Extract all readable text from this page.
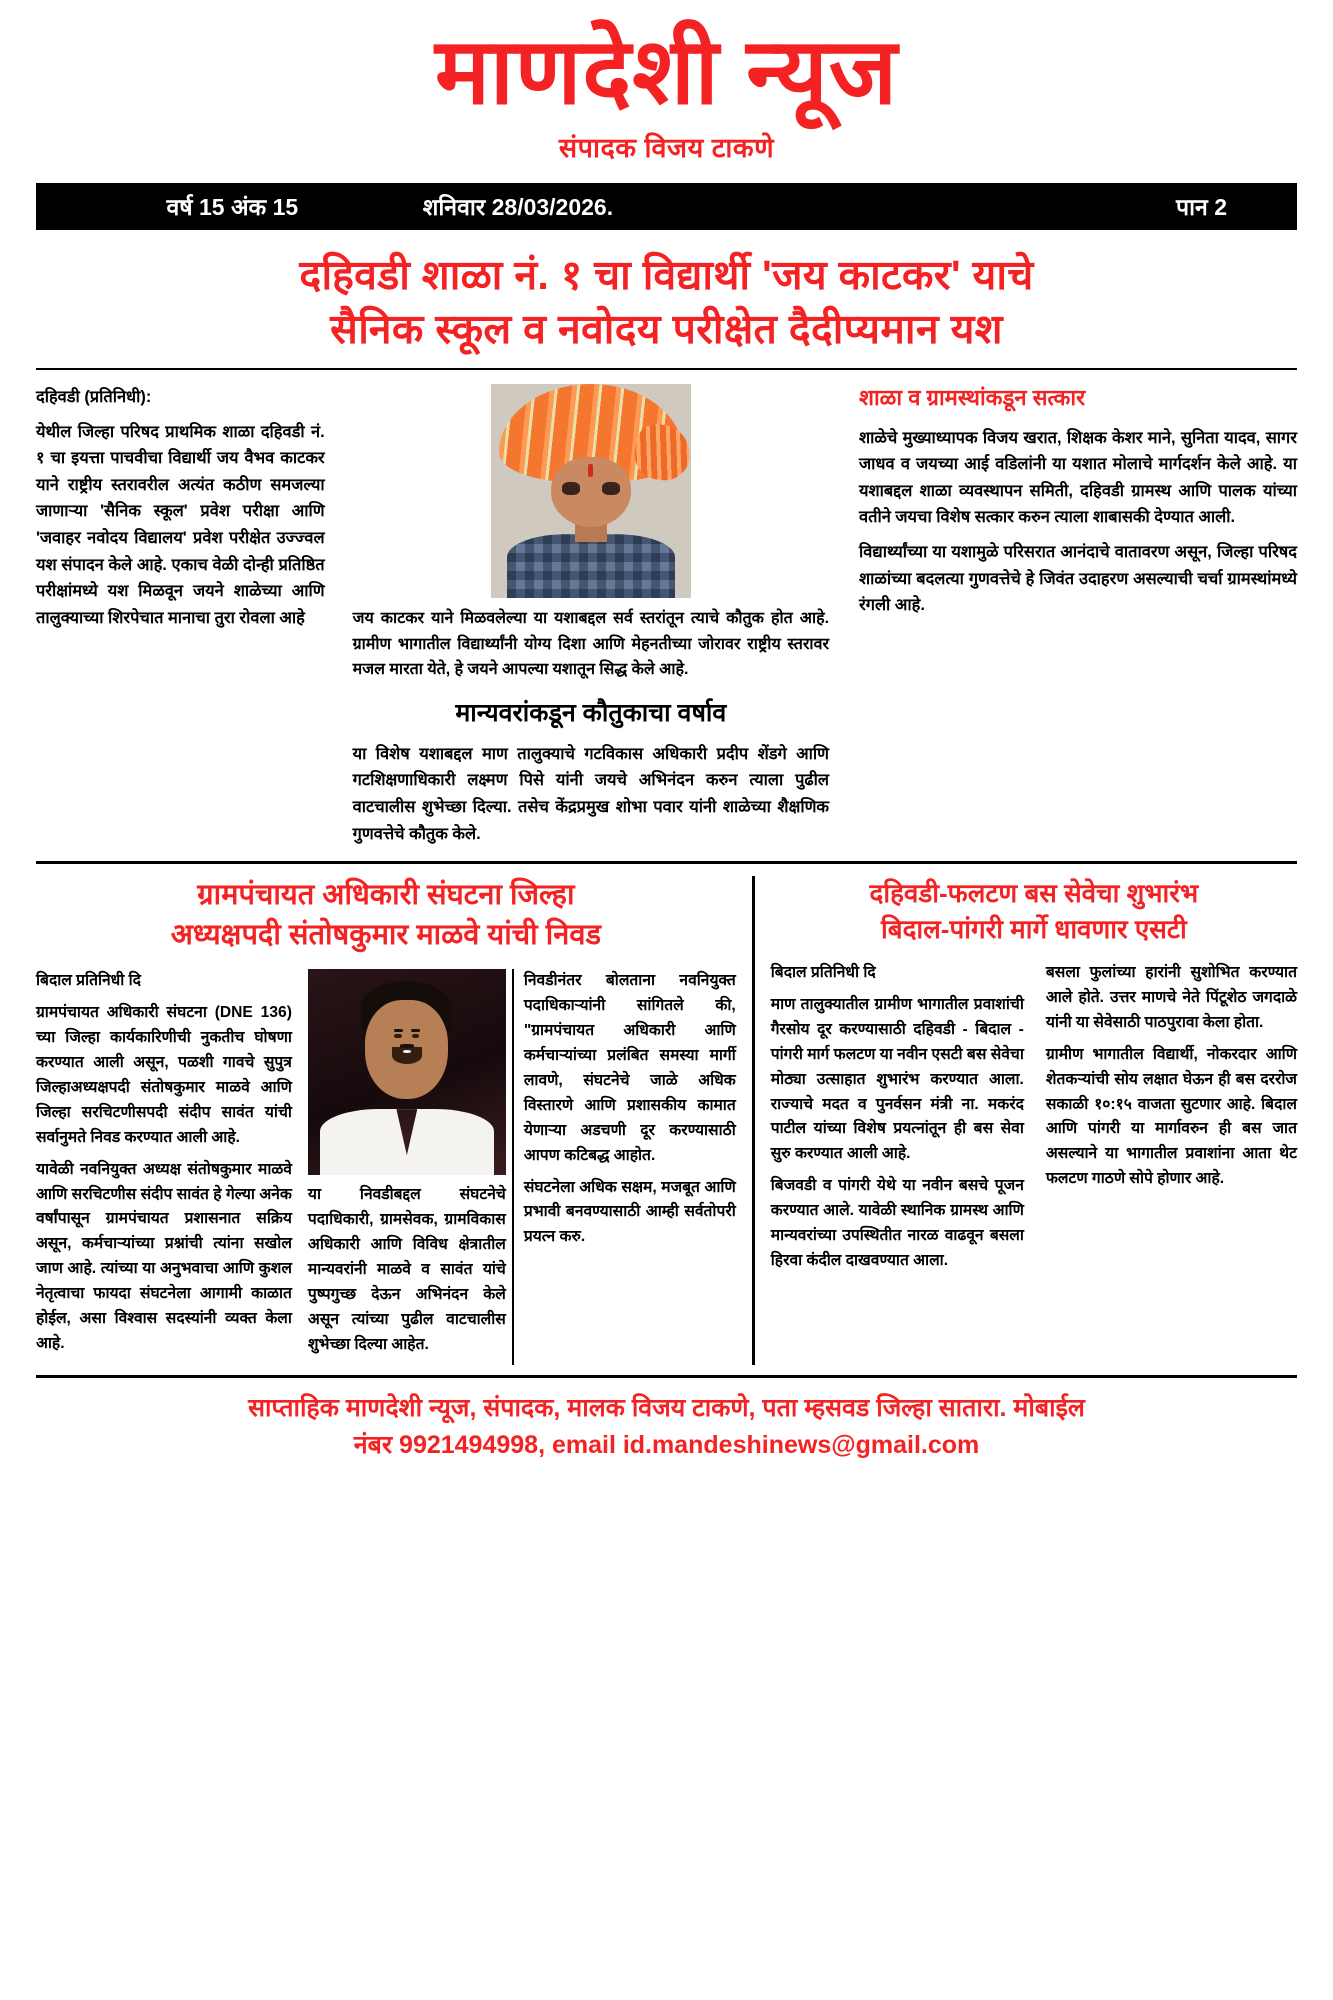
माणदेशी न्यूज
संपादक विजय टाकणे
वर्ष 15 अंक 15	शनिवार 28/03/2026.	पान 2
दहिवडी शाळा नं. १ चा विद्यार्थी 'जय काटकर' याचे
सैनिक स्कूल व नवोदय परीक्षेत दैदीप्यमान यश

दहिवडी (प्रतिनिधी):

येथील जिल्हा परिषद प्राथमिक शाळा दहिवडी नं. १ चा इयत्ता पाचवीचा विद्यार्थी जय वैभव काटकर याने राष्ट्रीय स्तरावरील अत्यंत कठीण समजल्या जाणाऱ्या 'सैनिक स्कूल' प्रवेश परीक्षा आणि 'जवाहर नवोदय विद्यालय' प्रवेश परीक्षेत उज्ज्वल यश संपादन केले आहे. एकाच वेळी दोन्ही प्रतिष्ठित परीक्षांमध्ये यश मिळवून जयने शाळेच्या आणि तालुक्याच्या शिरपेचात मानाचा तुरा रोवला आहे	जय काटकर याने मिळवलेल्या या यशाबद्दल सर्व स्तरांतून त्याचे कौतुक होत आहे. ग्रामीण भागातील विद्यार्थ्यांनी योग्य दिशा आणि मेहनतीच्या जोरावर राष्ट्रीय स्तरावर मजल मारता येते, हे जयने आपल्या यशातून सिद्ध केले आहे.
मान्यवरांकडून कौतुकाचा वर्षाव
या विशेष यशाबद्दल माण तालुक्याचे गटविकास अधिकारी प्रदीप शेंडगे आणि गटशिक्षणाधिकारी लक्ष्मण पिसे यांनी जयचे अभिनंदन करुन त्याला पुढील वाटचालीस शुभेच्छा दिल्या. तसेच केंद्रप्रमुख शोभा पवार यांनी शाळेच्या शैक्षणिक गुणवत्तेचे कौतुक केले.
शाळा व ग्रामस्थांकडून सत्कार

शाळेचे मुख्याध्यापक विजय खरात, शिक्षक केशर माने, सुनिता यादव, सागर जाधव व जयच्या आई वडिलांनी या यशात मोलाचे मार्गदर्शन केले आहे. या यशाबद्दल शाळा व्यवस्थापन समिती, दहिवडी ग्रामस्थ आणि पालक यांच्या वतीने जयचा विशेष सत्कार करुन त्याला शाबासकी देण्यात आली.

विद्यार्थ्यांच्या या यशामुळे परिसरात आनंदाचे वातावरण असून, जिल्हा परिषद शाळांच्या बदलत्या गुणवत्तेचे हे जिवंत उदाहरण असल्याची चर्चा ग्रामस्थांमध्ये रंगली आहे.

ग्रामपंचायत अधिकारी संघटना जिल्हा
अध्यक्षपदी संतोषकुमार माळवे यांची निवड

बिदाल प्रतिनिधी दि

ग्रामपंचायत अधिकारी संघटना (DNE 136) च्या जिल्हा कार्यकारिणीची नुकतीच घोषणा करण्यात आली असून, पळशी गावचे सुपुत्र जिल्हाअध्यक्षपदी संतोषकुमार माळवे आणि जिल्हा सरचिटणीसपदी संदीप सावंत यांची सर्वानुमते निवड करण्यात आली आहे.

यावेळी नवनियुक्त अध्यक्ष संतोषकुमार माळवे आणि सरचिटणीस संदीप सावंत हे गेल्या अनेक वर्षांपासून ग्रामपंचायत प्रशासनात सक्रिय असून, कर्मचाऱ्यांच्या प्रश्नांची त्यांना सखोल जाण आहे. त्यांच्या या अनुभवाचा आणि कुशल नेतृत्वाचा फायदा संघटनेला आगामी काळात होईल, असा विश्वास सदस्यांनी व्यक्त केला आहे.

या निवडीबद्दल संघटनेचे पदाधिकारी, ग्रामसेवक, ग्रामविकास अधिकारी आणि विविध क्षेत्रातील मान्यवरांनी माळवे व सावंत यांचे पुष्पगुच्छ देऊन अभिनंदन केले असून त्यांच्या पुढील वाटचालीस शुभेच्छा दिल्या आहेत.

निवडीनंतर बोलताना नवनियुक्त पदाधिकाऱ्यांनी सांगितले की, "ग्रामपंचायत अधिकारी आणि कर्मचाऱ्यांच्या प्रलंबित समस्या मार्गी लावणे, संघटनेचे जाळे अधिक विस्तारणे आणि प्रशासकीय कामात येणाऱ्या अडचणी दूर करण्यासाठी आपण कटिबद्ध आहोत.

संघटनेला अधिक सक्षम, मजबूत आणि प्रभावी बनवण्यासाठी आम्ही सर्वतोपरी प्रयत्न करु.

दहिवडी-फलटण बस सेवेचा शुभारंभ
बिदाल-पांगरी मार्गे धावणार एसटी

बिदाल प्रतिनिधी दि

माण तालुक्यातील ग्रामीण भागातील प्रवाशांची गैरसोय दूर करण्यासाठी दहिवडी - बिदाल - पांगरी मार्ग फलटण या नवीन एसटी बस सेवेचा मोठ्या उत्साहात शुभारंभ करण्यात आला. राज्याचे मदत व पुनर्वसन मंत्री ना. मकरंद पाटील यांच्या विशेष प्रयत्नांतून ही बस सेवा सुरु करण्यात आली आहे.

बिजवडी व पांगरी येथे या नवीन बसचे पूजन करण्यात आले. यावेळी स्थानिक ग्रामस्थ आणि मान्यवरांच्या उपस्थितीत नारळ वाढवून बसला हिरवा कंदील दाखवण्यात आला.

बसला फुलांच्या हारांनी सुशोभित करण्यात आले होते. उत्तर माणचे नेते पिंटूशेठ जगदाळे यांनी या सेवेसाठी पाठपुरावा केला होता.

ग्रामीण भागातील विद्यार्थी, नोकरदार आणि शेतकऱ्यांची सोय लक्षात घेऊन ही बस दररोज सकाळी १०:१५ वाजता सुटणार आहे. बिदाल आणि पांगरी या मार्गावरुन ही बस जात असल्याने या भागातील प्रवाशांना आता थेट फलटण गाठणे सोपे होणार आहे.

साप्ताहिक माणदेशी न्यूज, संपादक, मालक विजय टाकणे, पता म्हसवड जिल्हा सातारा. मोबाईल
नंबर 9921494998, email id.mandeshinews@gmail.com
